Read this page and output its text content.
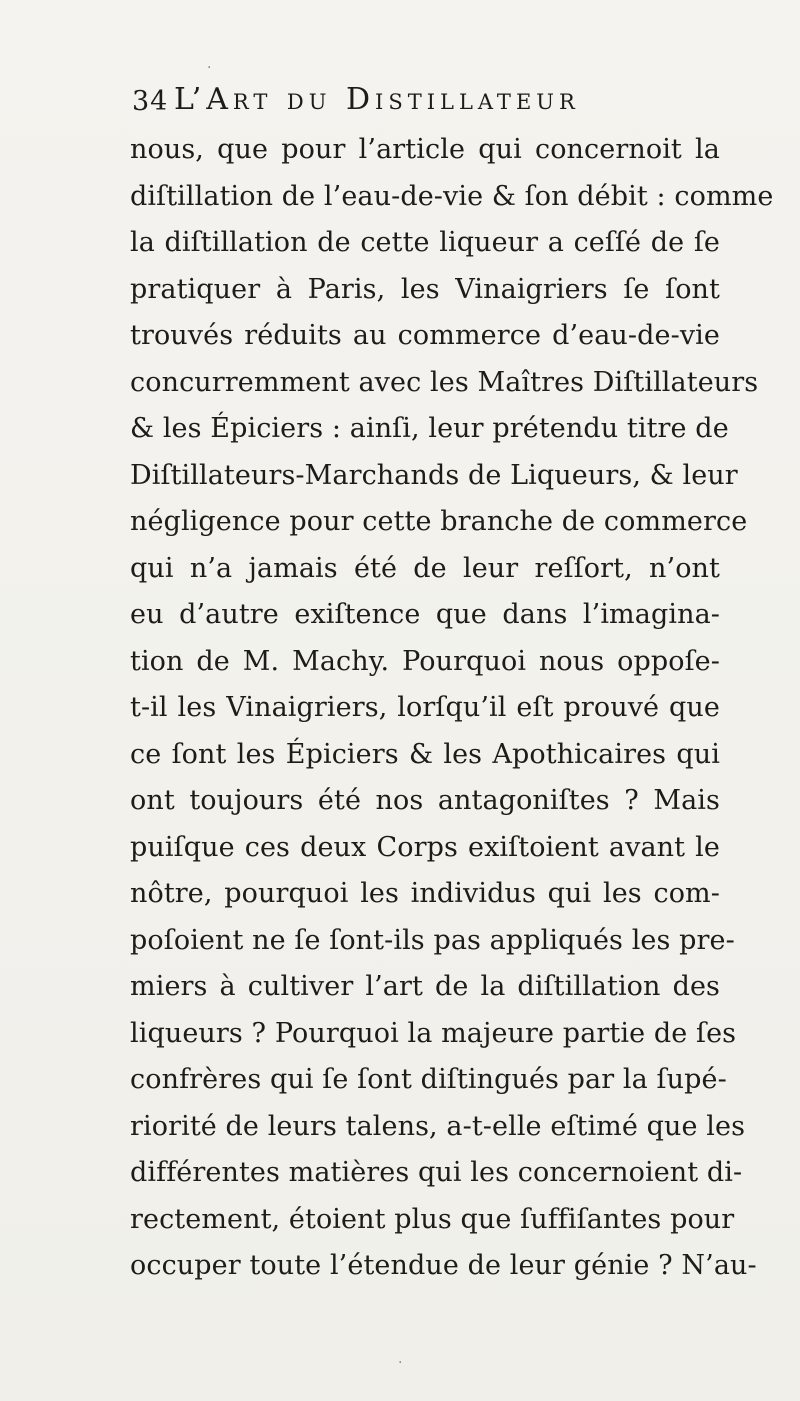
34 L’Art du Distillateur
nous, que pour l’article qui concernoit la
diſtillation de l’eau-de-vie & ſon débit : comme
la diſtillation de cette liqueur a ceſſé de ſe
pratiquer à Paris, les Vinaigriers ſe ſont
trouvés réduits au commerce d’eau-de-vie
concurremment avec les Maîtres Diſtillateurs
& les Épiciers : ainſi, leur prétendu titre de
Diſtillateurs-Marchands de Liqueurs, & leur
négligence pour cette branche de commerce
qui n’a jamais été de leur reſſort, n’ont
eu d’autre exiſtence que dans l’imagina-
tion de M. Machy. Pourquoi nous oppoſe-
t-il les Vinaigriers, lorſqu’il eſt prouvé que
ce ſont les Épiciers & les Apothicaires qui
ont toujours été nos antagoniſtes ? Mais
puiſque ces deux Corps exiſtoient avant le
nôtre, pourquoi les individus qui les com-
poſoient ne ſe ſont-ils pas appliqués les pre-
miers à cultiver l’art de la diſtillation des
liqueurs ? Pourquoi la majeure partie de ſes
confrères qui ſe ſont diſtingués par la ſupé-
riorité de leurs talens, a-t-elle eſtimé que les
différentes matières qui les concernoient di-
rectement, étoient plus que ſuffiſantes pour
occuper toute l’étendue de leur génie ? N’au-
·
·
